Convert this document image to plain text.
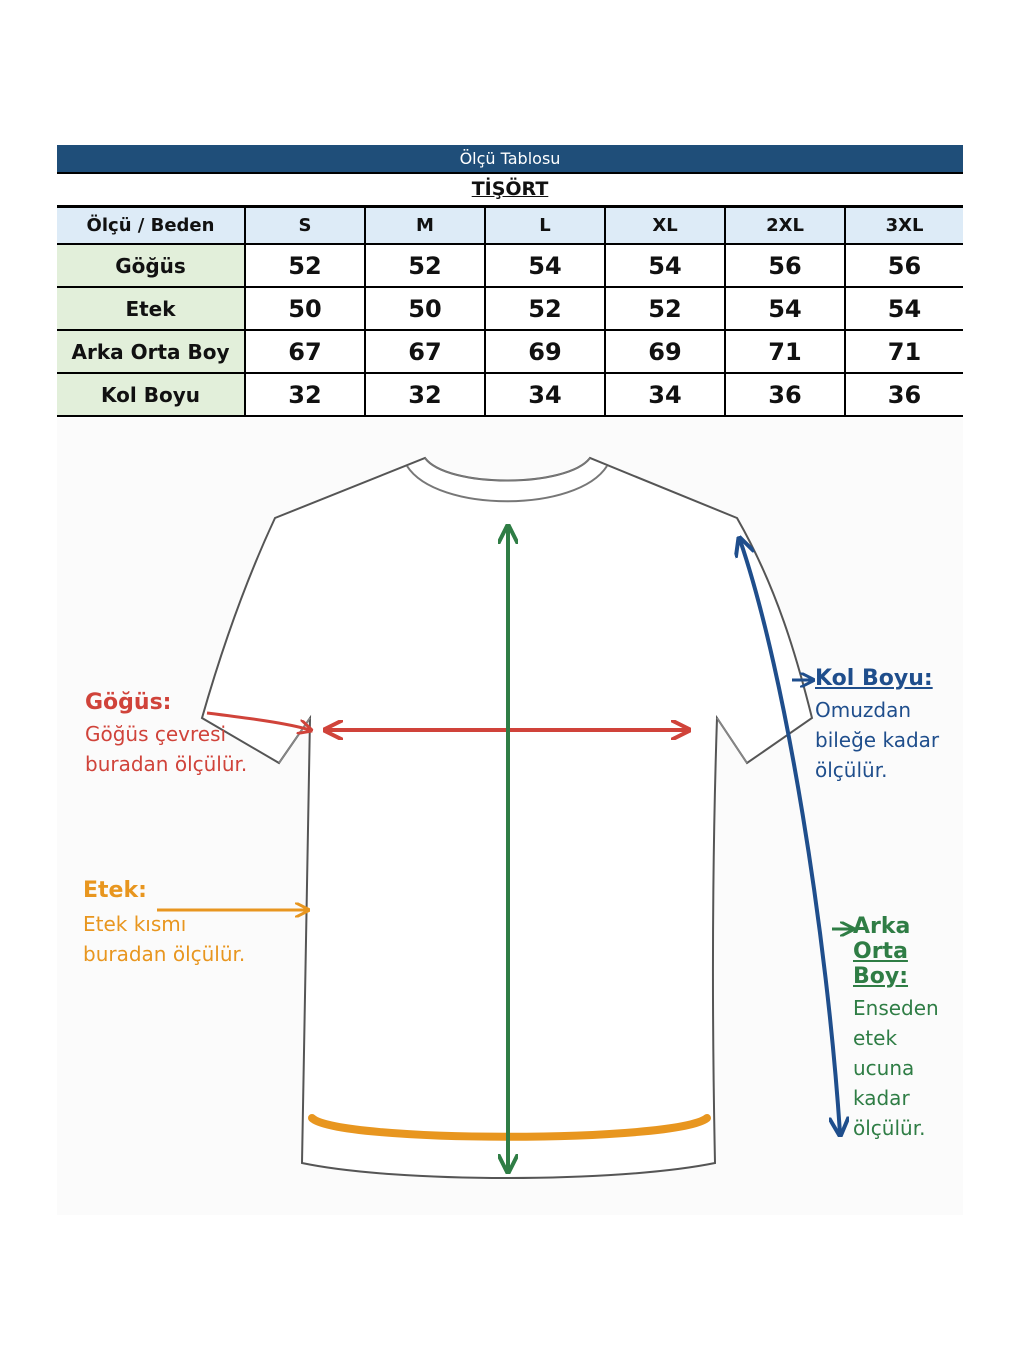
Ölçü Tablosu
TİŞÖRT
Ölçü / Beden	S	M	L	XL	2XL	3XL
Göğüs	52	52	54	54	56	56
Etek	50	50	52	52	54	54
Arka Orta Boy	67	67	69	69	71	71
Kol Boyu	32	32	34	34	36	36
Göğüs:
Göğüs çevresi
buradan ölçülür.
Etek:
Etek kısmı
buradan ölçülür.
Kol Boyu:
Omuzdan
bileğe kadar
ölçülür.
Arka
Orta Boy:
Enseden
etek ucuna
kadar
ölçülür.
